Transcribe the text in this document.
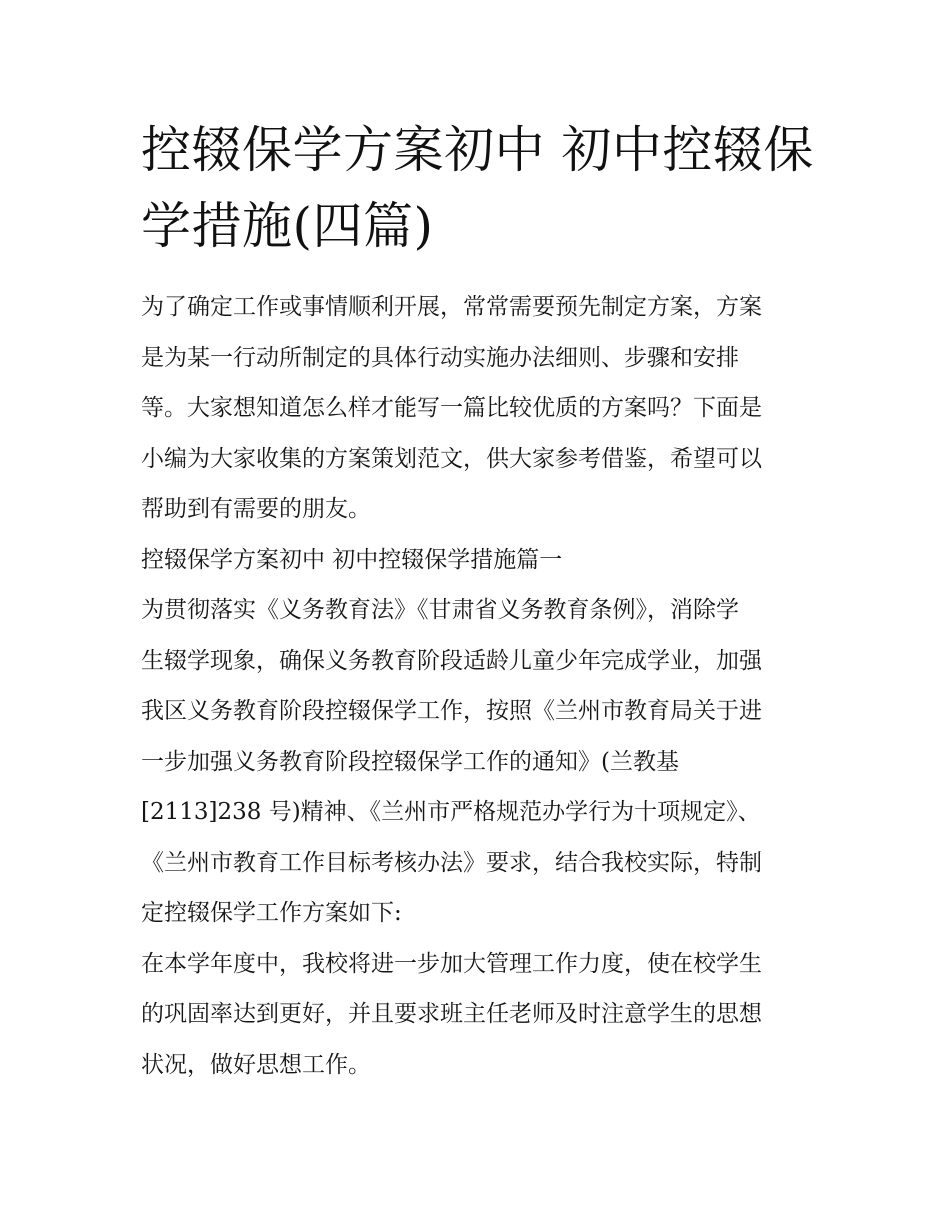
控辍保学方案初中 初中控辍保
学措施(四篇)
为了确定工作或事情顺利开展，常常需要预先制定方案，方案
是为某一行动所制定的具体行动实施办法细则、步骤和安排
等。大家想知道怎么样才能写一篇比较优质的方案吗？下面是
小编为大家收集的方案策划范文，供大家参考借鉴，希望可以
帮助到有需要的朋友。
控辍保学方案初中 初中控辍保学措施篇一
为贯彻落实《义务教育法》《甘肃省义务教育条例》，消除学
生辍学现象，确保义务教育阶段适龄儿童少年完成学业，加强
我区义务教育阶段控辍保学工作，按照《兰州市教育局关于进
一步加强义务教育阶段控辍保学工作的通知》(兰教基
[2113]238 号)精神、《兰州市严格规范办学行为十项规定》、
《兰州市教育工作目标考核办法》要求，结合我校实际，特制
定控辍保学工作方案如下:
在本学年度中，我校将进一步加大管理工作力度，使在校学生
的巩固率达到更好，并且要求班主任老师及时注意学生的思想
状况，做好思想工作。
